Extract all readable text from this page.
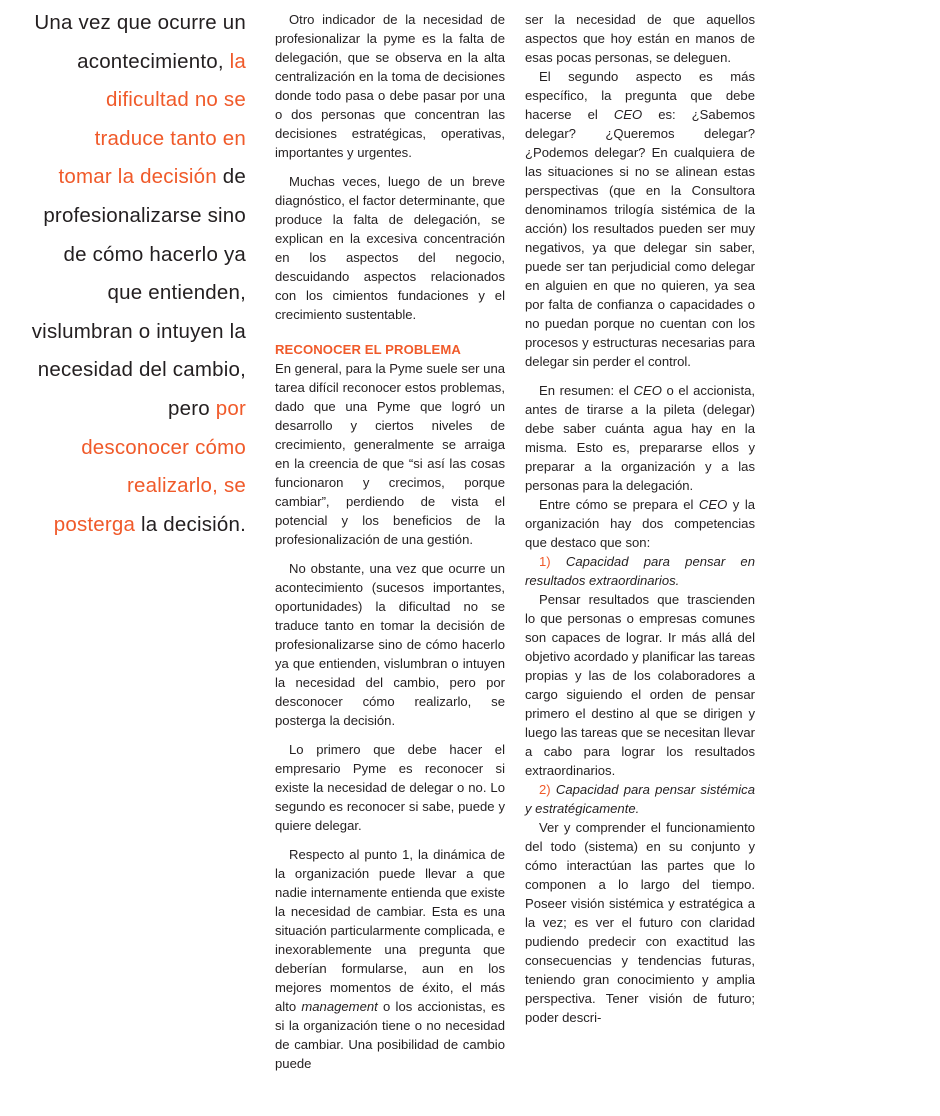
Una vez que ocurre un
acontecimiento, la
dificultad no se
traduce tanto en
tomar la decisión de
profesionalizarse sino
de cómo hacerlo ya
que entienden,
vislumbran o intuyen la
necesidad del cambio,
pero por
desconocer cómo
realizarlo, se
posterga la decisión.

Otro indicador de la necesidad de profesionalizar la pyme es la falta de delegación, que se observa en la alta centralización en la toma de decisiones donde todo pasa o debe pasar por una o dos personas que concentran las decisiones estratégicas, operativas, importantes y urgentes.

Muchas veces, luego de un breve diagnóstico, el factor determinante, que produce la falta de delegación, se explican en la excesiva concentración en los aspectos del negocio, descuidando aspectos relacionados con los cimientos fundaciones y el crecimiento sustentable.

RECONOCER EL PROBLEMA

En general, para la Pyme suele ser una tarea difícil reconocer estos problemas, dado que una Pyme que logró un desarrollo y ciertos niveles de crecimiento, generalmente se arraiga en la creencia de que “si así las cosas funcionaron y crecimos, porque cambiar”, perdiendo de vista el potencial y los beneficios de la profesionalización de una gestión.

No obstante, una vez que ocurre un acontecimiento (sucesos importantes, oportunidades) la dificultad no se traduce tanto en tomar la decisión de profesionalizarse sino de cómo hacerlo ya que entienden, vislumbran o intuyen la necesidad del cambio, pero por desconocer cómo realizarlo, se posterga la decisión.

Lo primero que debe hacer el empresario Pyme es reconocer si existe la necesidad de delegar o no. Lo segundo es reconocer si sabe, puede y quiere delegar.

Respecto al punto 1, la dinámica de la organización puede llevar a que nadie internamente entienda que existe la necesidad de cambiar. Esta es una situación particularmente complicada, e inexorablemente una pregunta que deberían formularse, aun en los mejores momentos de éxito, el más alto management o los accionistas, es si la organización tiene o no necesidad de cambiar. Una posibilidad de cambio puede

ser la necesidad de que aquellos aspectos que hoy están en manos de esas pocas personas, se deleguen.

El segundo aspecto es más específico, la pregunta que debe hacerse el CEO es: ¿Sabemos delegar? ¿Queremos delegar? ¿Podemos delegar? En cualquiera de las situaciones si no se alinean estas perspectivas (que en la Consultora denominamos trilogía sistémica de la acción) los resultados pueden ser muy negativos, ya que delegar sin saber, puede ser tan perjudicial como delegar en alguien en que no quieren, ya sea por falta de confianza o capacidades o no puedan porque no cuentan con los procesos y estructuras necesarias para delegar sin perder el control.

En resumen: el CEO o el accionista, antes de tirarse a la pileta (delegar) debe saber cuánta agua hay en la misma. Esto es, prepararse ellos y preparar a la organización y a las personas para la delegación.

Entre cómo se prepara el CEO y la organización hay dos competencias que destaco que son:

1) Capacidad para pensar en resultados extraordinarios.

Pensar resultados que trascienden lo que personas o empresas comunes son capaces de lograr. Ir más allá del objetivo acordado y planificar las tareas propias y las de los colaboradores a cargo siguiendo el orden de pensar primero el destino al que se dirigen y luego las tareas que se necesitan llevar a cabo para lograr los resultados extraordinarios.

2) Capacidad para pensar sistémica y estratégicamente.

Ver y comprender el funcionamiento del todo (sistema) en su conjunto y cómo interactúan las partes que lo componen a lo largo del tiempo. Poseer visión sistémica y estratégica a la vez; es ver el futuro con claridad pudiendo predecir con exactitud las consecuencias y tendencias futuras, teniendo gran conocimiento y amplia perspectiva. Tener visión de futuro; poder descri-
